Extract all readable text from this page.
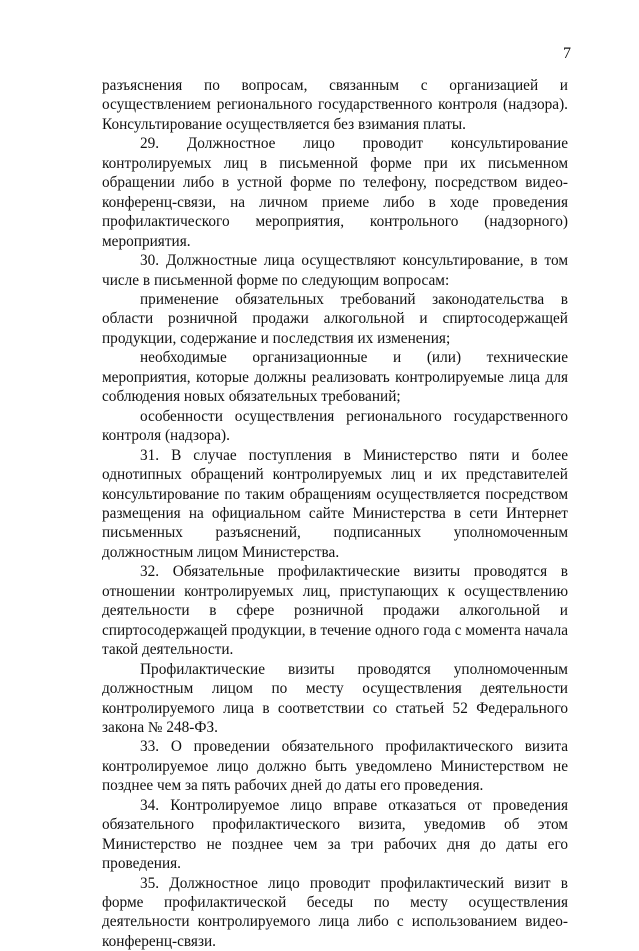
7

разъяснения по вопросам, связанным с организацией и осуществлением регионального государственного контроля (надзора). Консультирование осуществляется без взимания платы.

29. Должностное лицо проводит консультирование контролируемых лиц в письменной форме при их письменном обращении либо в устной форме по телефону, посредством видео-конференц-связи, на личном приеме либо в ходе проведения профилактического мероприятия, контрольного (надзорного) мероприятия.

30. Должностные лица осуществляют консультирование, в том числе в письменной форме по следующим вопросам:

применение обязательных требований законодательства в области розничной продажи алкогольной и спиртосодержащей продукции, содержание и последствия их изменения;

необходимые организационные и (или) технические мероприятия, которые должны реализовать контролируемые лица для соблюдения новых обязательных требований;

особенности осуществления регионального государственного контроля (надзора).

31. В случае поступления в Министерство пяти и более однотипных обращений контролируемых лиц и их представителей консультирование по таким обращениям осуществляется посредством размещения на официальном сайте Министерства в сети Интернет письменных разъяснений, подписанных уполномоченным должностным лицом Министерства.

32. Обязательные профилактические визиты проводятся в отношении контролируемых лиц, приступающих к осуществлению деятельности в сфере розничной продажи алкогольной и спиртосодержащей продукции, в течение одного года с момента начала такой деятельности.

Профилактические визиты проводятся уполномоченным должностным лицом по месту осуществления деятельности контролируемого лица в соответствии со статьей 52 Федерального закона № 248-ФЗ.

33. О проведении обязательного профилактического визита контролируемое лицо должно быть уведомлено Министерством не позднее чем за пять рабочих дней до даты его проведения.

34. Контролируемое лицо вправе отказаться от проведения обязательного профилактического визита, уведомив об этом Министерство не позднее чем за три рабочих дня до даты его проведения.

35. Должностное лицо проводит профилактический визит в форме профилактической беседы по месту осуществления деятельности контролируемого лица либо с использованием видео-конференц-связи.
